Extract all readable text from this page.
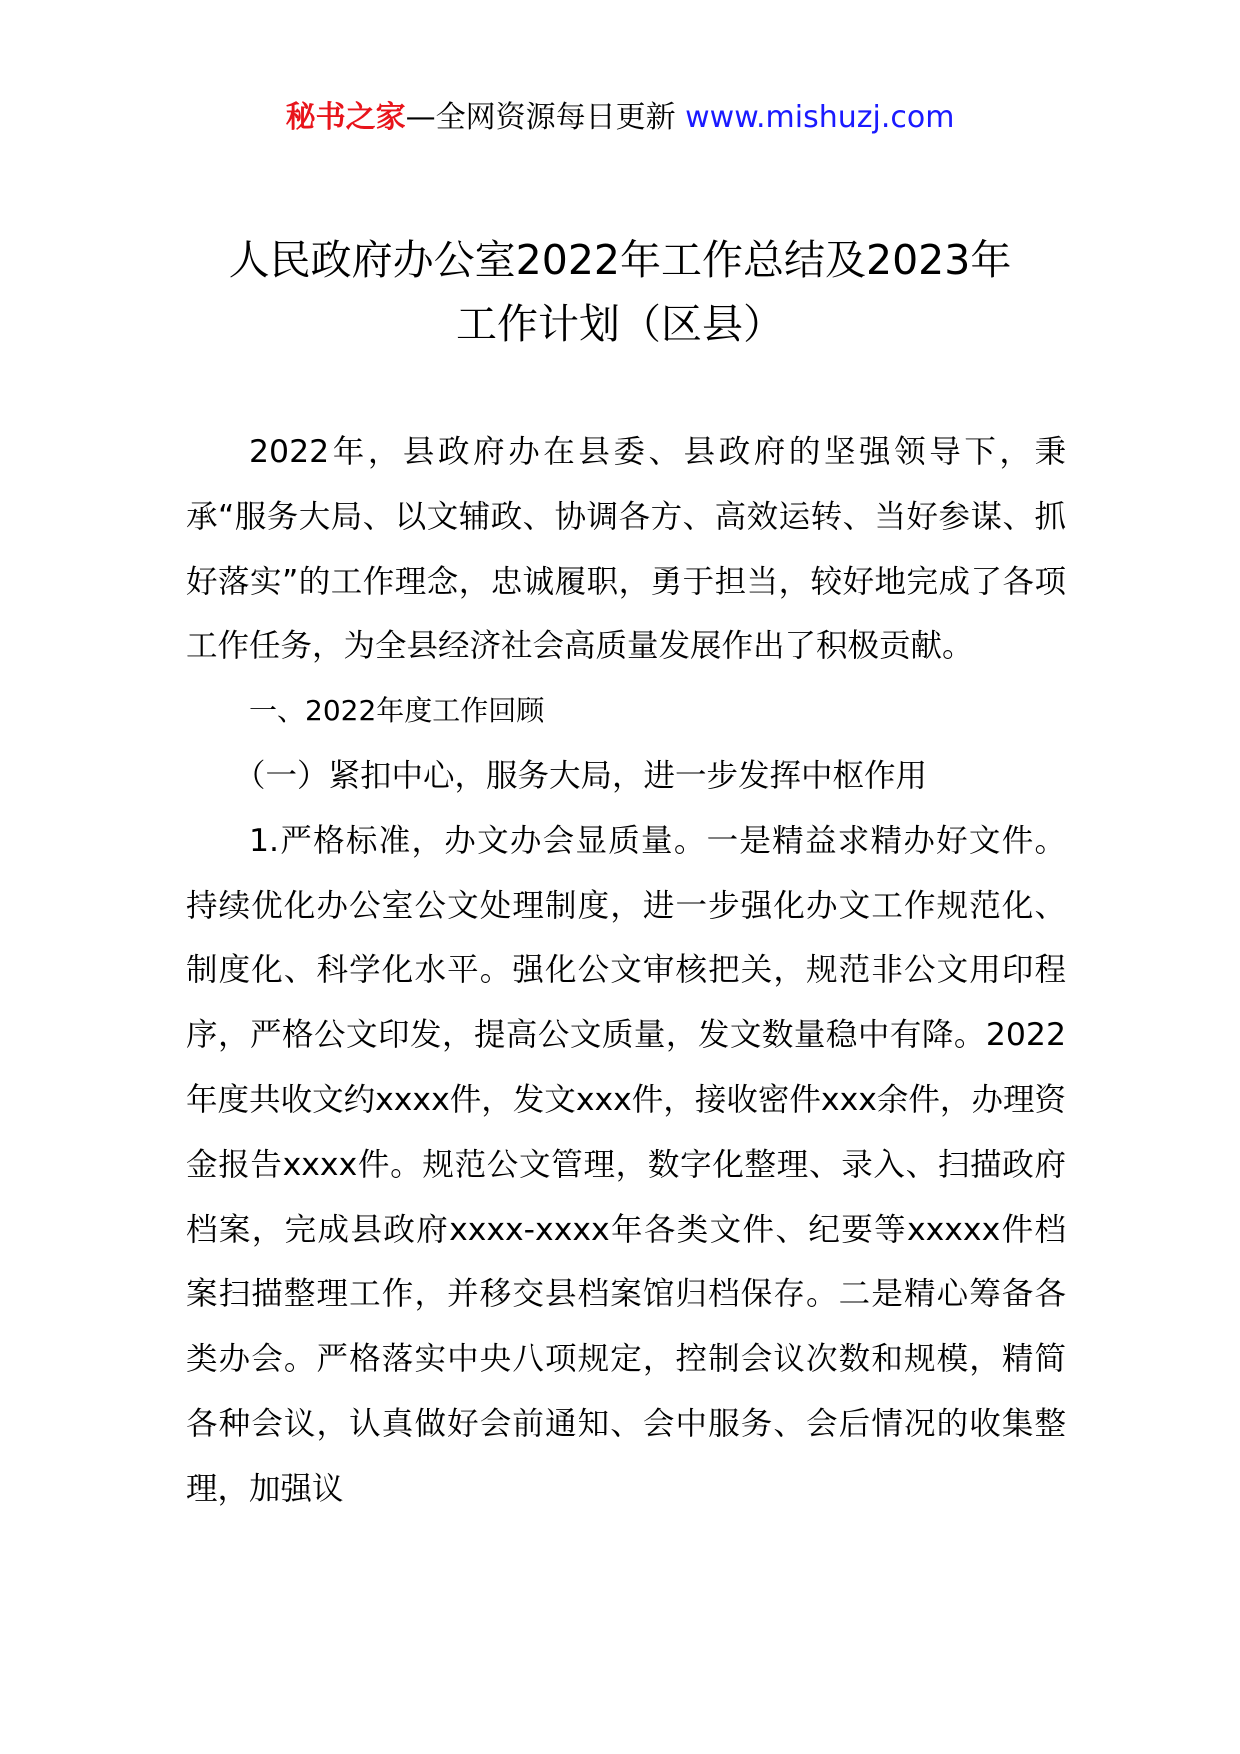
秘书之家—全网资源每日更新 www.mishuzj.com
人民政府办公室2022年工作总结及2023年
工作计划（区县）

2022年，县政府办在县委、县政府的坚强领导下，秉承“服务大局、以文辅政、协调各方、高效运转、当好参谋、抓好落实”的工作理念，忠诚履职，勇于担当，较好地完成了各项工作任务，为全县经济社会高质量发展作出了积极贡献。

一、2022年度工作回顾

（一）紧扣中心，服务大局，进一步发挥中枢作用

1.严格标准，办文办会显质量。一是精益求精办好文件。持续优化办公室公文处理制度，进一步强化办文工作规范化、制度化、科学化水平。强化公文审核把关，规范非公文用印程序，严格公文印发，提高公文质量，发文数量稳中有降。2022年度共收文约xxxx件，发文xxx件，接收密件xxx余件，办理资金报告xxxx件。规范公文管理，数字化整理、录入、扫描政府档案，完成县政府xxxx-xxxx年各类文件、纪要等xxxxx件档案扫描整理工作，并移交县档案馆归档保存。二是精心筹备各类办会。严格落实中央八项规定，控制会议次数和规模，精简各种会议，认真做好会前通知、会中服务、会后情况的收集整理，加强议
